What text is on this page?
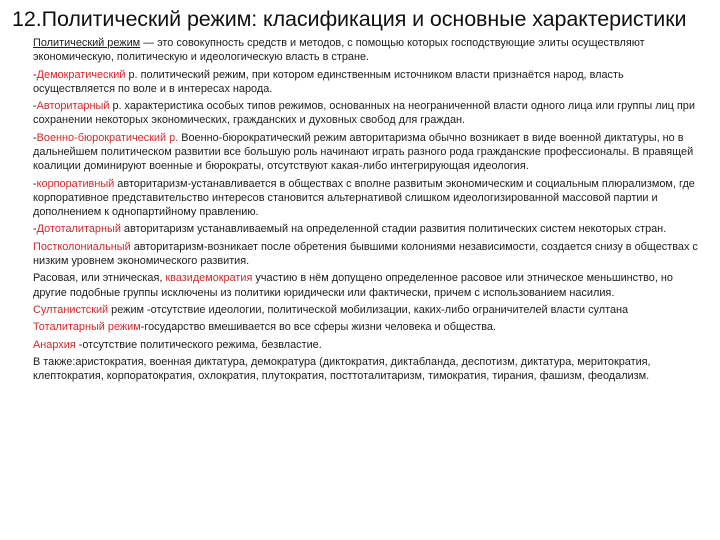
12.Политический режим: класификация и основные характеристики

Политический режим — это совокупность средств и методов, с помощью которых господствующие элиты осуществляют экономическую, политическую и идеологическую власть в стране.

-Демократический р. политический режим, при котором единственным источником власти признаётся народ, власть осуществляется по воле и в интересах народа.

-Авторитарный р. характеристика особых типов режимов, основанных на неограниченной власти одного лица или группы лиц при сохранении некоторых экономических, гражданских и духовных свобод для граждан.

-Военно-бюрократический р. Военно-бюрократический режим авторитаризма обычно возникает в виде военной диктатуры, но в дальнейшем политическом развитии все большую роль начинают играть разного рода гражданские профессионалы. В правящей коалиции доминируют военные и бюрократы, отсутствуют какая-либо интегрирующая идеология.

-корпоративный авторитаризм-устанавливается в обществах с вполне развитым экономическим и социальным плюрализмом, где корпоративное представительство интересов становится альтернативой слишком идеологизированной массовой партии и дополнением к однопартийному правлению.

-Дототалитарный авторитаризм устанавливаемый на определенной стадии развития политических систем некоторых стран.

Постколониальный авторитаризм-возникает после обретения бывшими колониями независимости, создается снизу в обществах с низким уровнем экономического развития.

Расовая, или этническая, квазидемократия участию в нём допущено определенное расовое или этническое меньшинство, но другие подобные группы исключены из политики юридически или фактически, причем с использованием насилия.

Султанистский режим -отсутствие идеологии, политической мобилизации, каких-либо ограничителей власти султана

Тоталитарный режим-государство вмешивается во все сферы жизни человека и общества.

Анархия -отсутствие политического режима, безвластие.

В также:аристократия, военная диктатура, демократура (диктократия, диктабланда, деспотизм, диктатура, меритократия, клептократия, корпоратократия, охлократия, плутократия, посттоталитаризм, тимократия, тирания, фашизм, феодализм.
